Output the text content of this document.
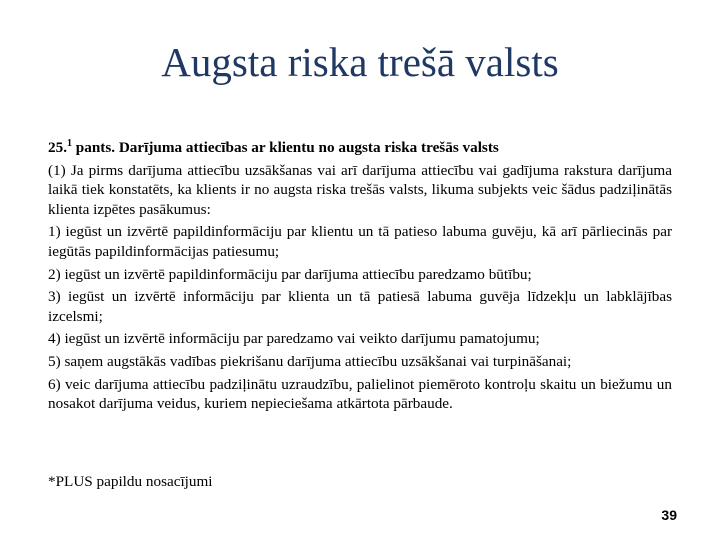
Augsta riska trešā valsts

25.$^1$ pants. Darījuma attiecības ar klientu no augsta riska trešās valsts

(1) Ja pirms darījuma attiecību uzsākšanas vai arī darījuma attiecību vai gadījuma rakstura darījuma laikā tiek konstatēts, ka klients ir no augsta riska trešās valsts, likuma subjekts veic šādus padziļinātās klienta izpētes pasākumus:

1) iegūst un izvērtē papildinformāciju par klientu un tā patieso labuma guvēju, kā arī pārliecinās par iegūtās papildinformācijas patiesumu;

2) iegūst un izvērtē papildinformāciju par darījuma attiecību paredzamo būtību;

3) iegūst un izvērtē informāciju par klienta un tā patiesā labuma guvēja līdzekļu un labklājības izcelsmi;

4) iegūst un izvērtē informāciju par paredzamo vai veikto darījumu pamatojumu;

5) saņem augstākās vadības piekrišanu darījuma attiecību uzsākšanai vai turpināšanai;

6) veic darījuma attiecību padziļinātu uzraudzību, palielinot piemēroto kontroļu skaitu un biežumu un nosakot darījuma veidus, kuriem nepieciešama atkārtota pārbaude.

*PLUS papildu nosacījumi
39
